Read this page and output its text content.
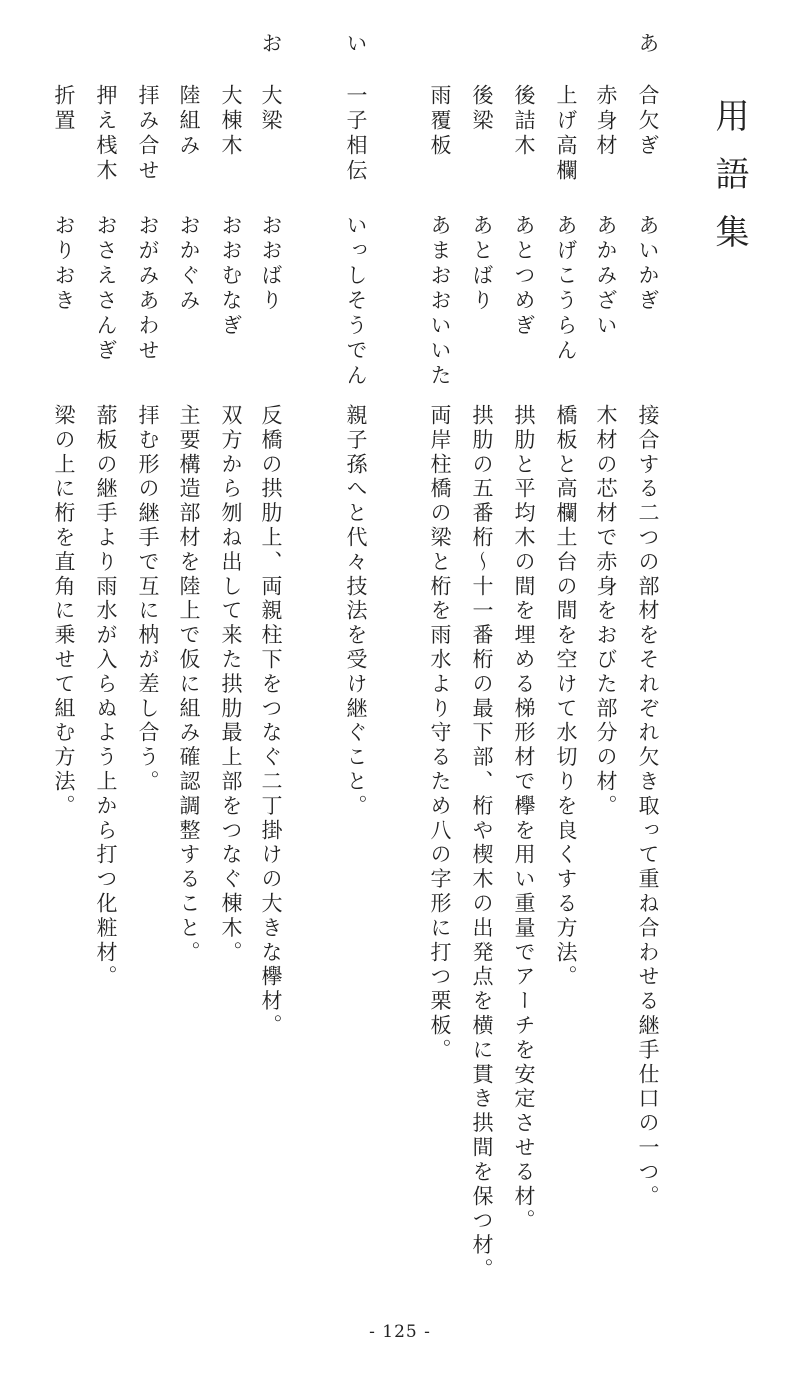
用語集
あ
い
お
合欠ぎ
あいかぎ
接合する二つの部材をそれぞれ欠き取って重ね合わせる継手仕口の一つ。
赤身材
あかみざい
木材の芯材で赤身をおびた部分の材。
上げ高欄
あげこうらん
橋板と高欄土台の間を空けて水切りを良くする方法。
後詰木
あとつめぎ
拱肋と平均木の間を埋める梯形材で欅を用い重量でアーチを安定させる材。
後梁
あとばり
拱肋の五番桁～十一番桁の最下部、桁や楔木の出発点を横に貫き拱間を保つ材。
雨覆板
あまおおいいた
両岸柱橋の梁と桁を雨水より守るため八の字形に打つ栗板。
一子相伝
いっしそうでん
親子孫へと代々技法を受け継ぐこと。
大梁
おおばり
反橋の拱肋上、両親柱下をつなぐ二丁掛けの大きな欅材。
大棟木
おおむなぎ
双方から刎ね出して来た拱肋最上部をつなぐ棟木。
陸組み
おかぐみ
主要構造部材を陸上で仮に組み確認調整すること。
拝み合せ
おがみあわせ
拝む形の継手で互に枘が差し合う。
押え桟木
おさえさんぎ
蔀板の継手より雨水が入らぬよう上から打つ化粧材。
折置
おりおき
梁の上に桁を直角に乗せて組む方法。
- 125 -
